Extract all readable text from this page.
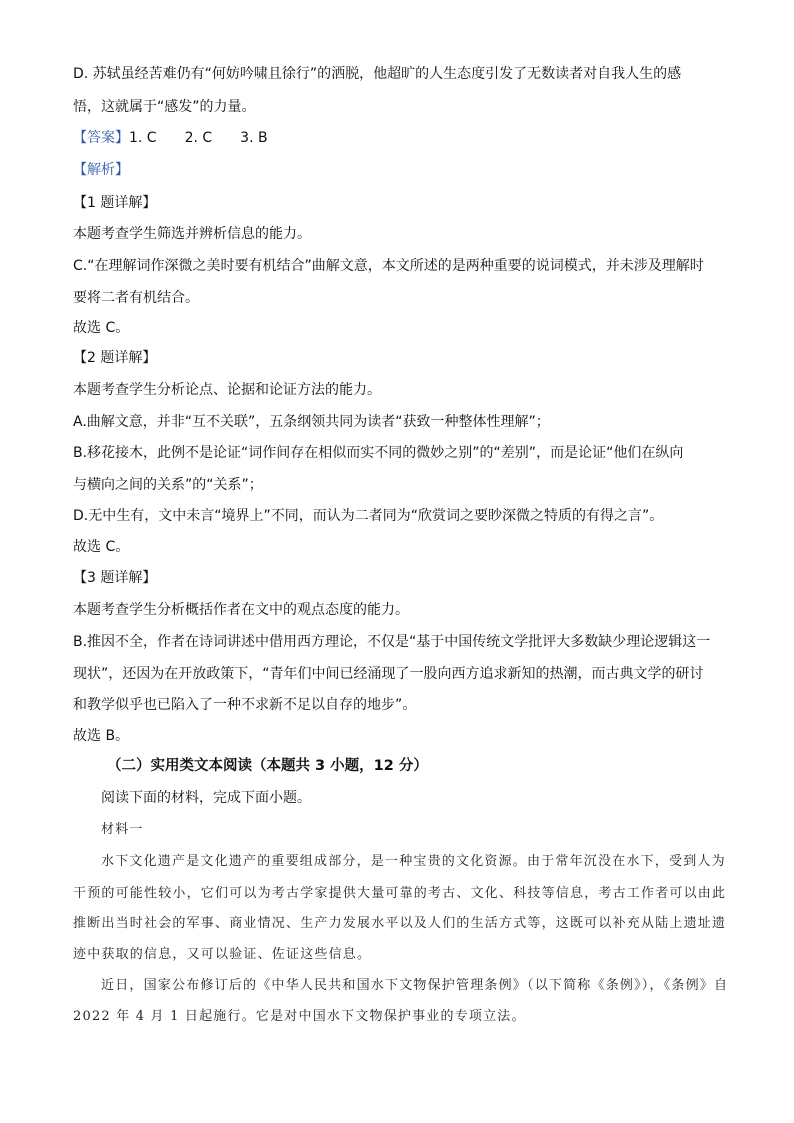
D. 苏轼虽经苦难仍有“何妨吟啸且徐行”的洒脱，他超旷的人生态度引发了无数读者对自我人生的感
悟，这就属于“感发”的力量。
【答案】1. C　　2. C　　3. B
【解析】
【1 题详解】
本题考查学生筛选并辨析信息的能力。
C.“在理解词作深微之美时要有机结合”曲解文意，本文所述的是两种重要的说词模式，并未涉及理解时
要将二者有机结合。
故选 C。
【2 题详解】
本题考查学生分析论点、论据和论证方法的能力。
A.曲解文意，并非“互不关联”，五条纲领共同为读者“获致一种整体性理解”；
B.移花接木，此例不是论证“词作间存在相似而实不同的微妙之别”的“差别”，而是论证“他们在纵向
与横向之间的关系”的“关系”；
D.无中生有，文中未言“境界上”不同，而认为二者同为“欣赏词之要眇深微之特质的有得之言”。
故选 C。
【3 题详解】
本题考查学生分析概括作者在文中的观点态度的能力。
B.推因不全，作者在诗词讲述中借用西方理论，不仅是“基于中国传统文学批评大多数缺少理论逻辑这一
现状”，还因为在开放政策下，“青年们中间已经涌现了一股向西方追求新知的热潮，而古典文学的研讨
和教学似乎也已陷入了一种不求新不足以自存的地步”。
故选 B。
（二）实用类文本阅读（本题共 3 小题，12 分）
阅读下面的材料，完成下面小题。
材料一
水下文化遗产是文化遗产的重要组成部分，是一种宝贵的文化资源。由于常年沉没在水下，受到人为
干预的可能性较小，它们可以为考古学家提供大量可靠的考古、文化、科技等信息，考古工作者可以由此
推断出当时社会的军事、商业情况、生产力发展水平以及人们的生活方式等，这既可以补充从陆上遗址遗
迹中获取的信息，又可以验证、佐证这些信息。
近日，国家公布修订后的《中华人民共和国水下文物保护管理条例》（以下简称《条例》），《条例》自
2022 年 4 月 1 日起施行。它是对中国水下文物保护事业的专项立法。
